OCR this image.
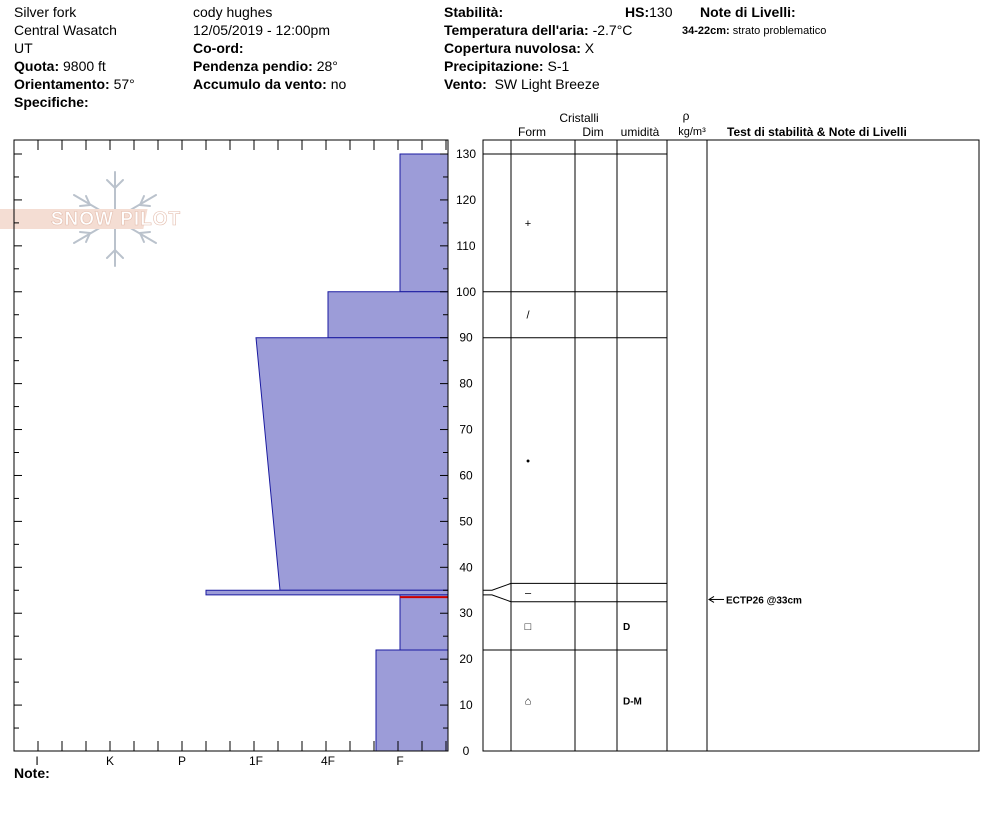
Silver fork
Central Wasatch
UT
Quota: 9800 ft
Orientamento: 57°
Specifiche:
cody hughes
12/05/2019 - 12:00pm
Co-ord:
Pendenza pendio: 28°
Accumulo da vento: no
Stabilità:	HS:130
Temperatura dell'aria: -2.7°C
Copertura nuvolosa: X
Precipitazione: S-1
Vento: SW Light Breeze
Note di Livelli:
34-22cm: strato problematico
Note:
SNOW PILOT
I	K	P	1F	4F	F
0
10
20
30
40
50
60
70
80
90
100
110
120
130
Cristalli
Form	Dim umidità
ρ
kg/m³ Test di stabilità & Note di Livelli
+
/
•
–
□	D
⌂	D-M
ECTP26 @33cm
